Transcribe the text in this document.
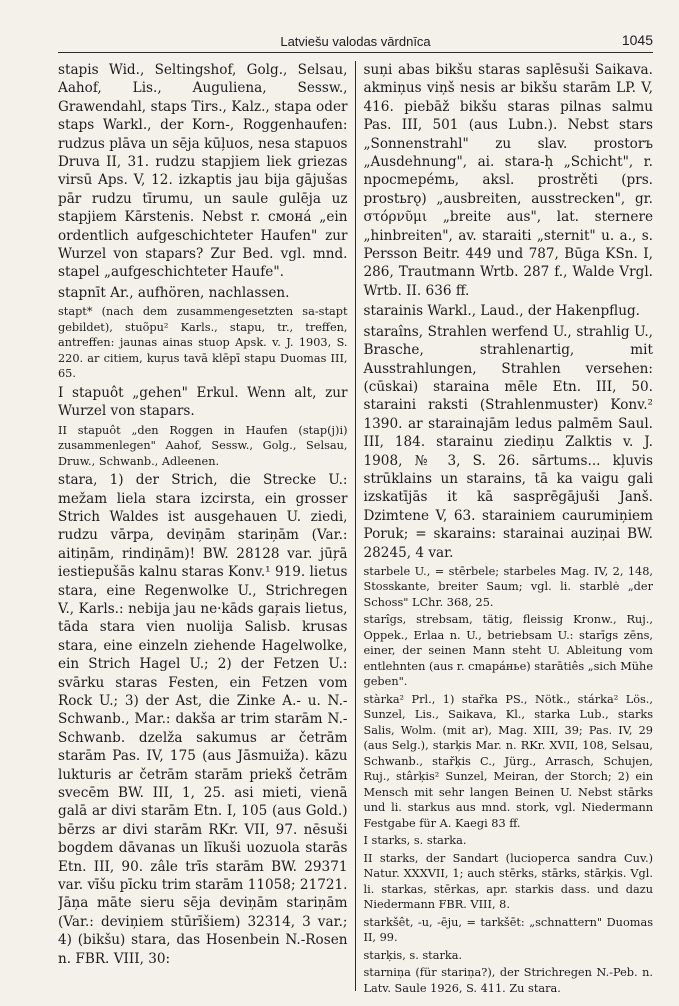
Latviešu valodas vārdnīca	1045

stapis Wid., Seltingshof, Golg., Selsau, Aahof, Lis., Auguliena, Sessw., Grawendahl, staps Tirs., Kalz., stapa oder staps Warkl., der Korn-, Roggenhaufen: rudzus plāva un sēja kūļuos, nesa stapuos Druva II, 31. rudzu stapjiem liek griezas virsū Aps. V, 12. izkaptis jau bija gājušas pār rudzu tīrumu, un saule gulēja uz stapjiem Kārstenis. Nebst r. cмонá „ein ordentlich aufgeschichteter Haufen" zur Wurzel von stapars? Zur Bed. vgl. mnd. stapel „aufgeschichteter Haufe".

stapnīt Ar., aufhören, nachlassen.

stapt* (nach dem zusammengesetzten sa-stapt gebildet), stuõpu² Karls., stapu, tr., treffen, antreffen: jaunas ainas stuop Apsk. v. J. 1903, S. 220. ar citiem, kuŗus tavā klēpī stapu Duomas III, 65.

I stapuôt „gehen" Erkul. Wenn alt, zur Wurzel von stapars.

II stapuôt „den Roggen in Haufen (stap(j)i) zusammenlegen" Aahof, Sessw., Golg., Selsau, Druw., Schwanb., Adleenen.

stara, 1) der Strich, die Strecke U.: mežam liela stara izcirsta, ein grosser Strich Waldes ist ausgehauen U. ziedi, rudzu vārpa, deviņām stariņām (Var.: aitiņām, rindiņām)! BW. 28128 var. jūŗā iestiepušās kalnu staras Konv.¹ 919. lietus stara, eine Regenwolke U., Strichregen V., Karls.: nebija jau ne·kāds gaŗais lietus, tāda stara vien nuolija Salisb. krusas stara, eine einzeln ziehende Hagelwolke, ein Strich Hagel U.; 2) der Fetzen U.: svārku staras Festen, ein Fetzen vom Rock U.; 3) der Ast, die Zinke A.- u. N.-Schwanb., Mar.: dakša ar trim starām N.-Schwanb. dzelža sakumus ar četrām starām Pas. IV, 175 (aus Jāsmuiža). kāzu lukturis ar četrām starām priekš četrām svecēm BW. III, 1, 25. asi mieti, vienā galā ar divi starām Etn. I, 105 (aus Gold.) bērzs ar divi starām RKr. VII, 97. nēsuši bogdem dāvanas un līkuši uozuola starās Etn. III, 90. zâle trīs starām BW. 29371 var. vīšu pīcku trim starām 11058; 21721. Jāņa māte sieru sēja deviņām stariņām (Var.: deviņiem stūrīšiem) 32314, 3 var.; 4) (bikšu) stara, das Hosenbein N.-Rosen n. FBR. VIII, 30:

suņi abas bikšu staras saplēsuši Saikava. akmiņus viņš nesis ar bikšu starām LP. V, 416. piebāž bikšu staras pilnas salmu Pas. III, 501 (aus Lubn.). Nebst stars „Sonnenstrahl" zu slav. prostorъ „Ausdehnung", ai. stara-ḥ „Schicht", r. npocmepémь, aksl. prostrěti (prs. prostьrǫ) „ausbreiten, ausstrecken", gr. στόρνῦμι „breite aus", lat. sternere „hinbreiten", av. staraiti „sternit" u. a., s. Persson Beitr. 449 und 787, Būga KSn. I, 286, Trautmann Wrtb. 287 f., Walde Vrgl. Wrtb. II. 636 ff.

starainis Warkl., Laud., der Hakenpflug.

staraîns, Strahlen werfend U., strahlig U., Brasche, strahlenartig, mit Ausstrahlungen, Strahlen versehen: (cūskai) staraina mēle Etn. III, 50. staraini raksti (Strahlenmuster) Konv.² 1390. ar starainajām ledus palmēm Saul. III, 184. starainu ziediņu Zalktis v. J. 1908, № 3, S. 26. sārtums... kļuvis strūklains un starains, tā ka vaigu gali izskatījās it kā sasprēgājuši Janš. Dzimtene V, 63. starainiem caurumiņiem Poruk; = skarains: starainai auziņai BW. 28245, 4 var.

starbele U., = stērbele; starbeles Mag. IV, 2, 148, Stosskante, breiter Saum; vgl. li. starblė „der Schoss" LChr. 368, 25.

starîgs, strebsam, tätig, fleissig Kronw., Ruj., Oppek., Erlaa n. U., betriebsam U.: starīgs zēns, einer, der seinen Mann steht U. Ableitung vom entlehnten (aus r. cmapáнье) starātiês „sich Mühe geben".

stàrka² Prl., 1) stařka PS., Nötk., stárka² Lös., Sunzel, Lis., Saikava, Kl., starka Lub., starks Salis, Wolm. (mit ar), Mag. XIII, 39; Pas. IV, 29 (aus Selg.), starķis Mar. n. RKr. XVII, 108, Selsau, Schwanb., stařķis C., Jürg., Arrasch, Schujen, Ruj., stârķis² Sunzel, Meiran, der Storch; 2) ein Mensch mit sehr langen Beinen U. Nebst stārks und li. starkus aus mnd. stork, vgl. Niedermann Festgabe für A. Kaegi 83 ff.

I starks, s. starka.

II starks, der Sandart (lucioperca sandra Cuv.) Natur. XXXVII, 1; auch stērks, stārks, stārķis. Vgl. li. starkas, stērkas, apr. starkis dass. und dazu Niedermann FBR. VIII, 8.

starkšêt, -u, -ēju, = tarkšēt: „schnattern" Duomas II, 99.

starķis, s. starka.

starniņa (für stariņa?), der Strichregen N.-Peb. n. Latv. Saule 1926, S. 411. Zu stara.
